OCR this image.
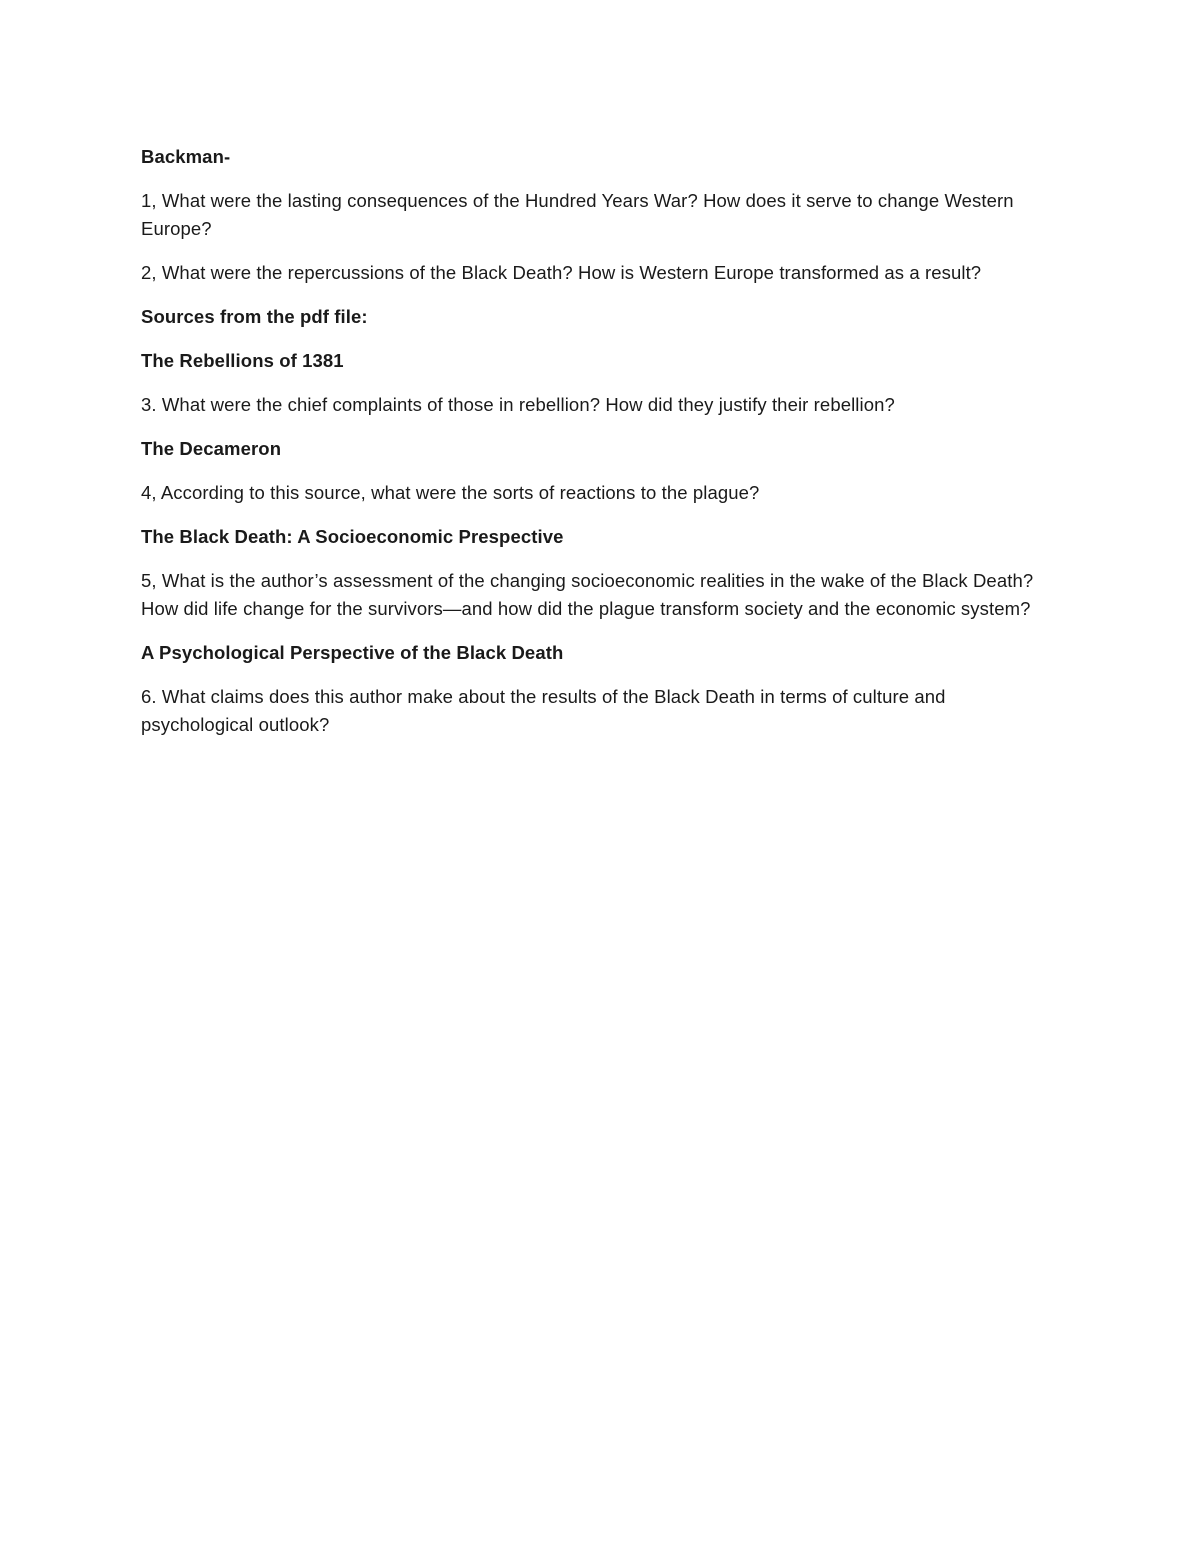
Backman-

1, What were the lasting consequences of the Hundred Years War? How does it serve to change Western Europe?

2, What were the repercussions of the Black Death? How is Western Europe transformed as a result?

Sources from the pdf file:

The Rebellions of 1381

3. What were the chief complaints of those in rebellion? How did they justify their rebellion?

The Decameron

4, According to this source, what were the sorts of reactions to the plague?

The Black Death: A Socioeconomic Prespective

5, What is the author’s assessment of the changing socioeconomic realities in the wake of the Black Death? How did life change for the survivors—and how did the plague transform society and the economic system?

A Psychological Perspective of the Black Death

6. What claims does this author make about the results of the Black Death in terms of culture and psychological outlook?
